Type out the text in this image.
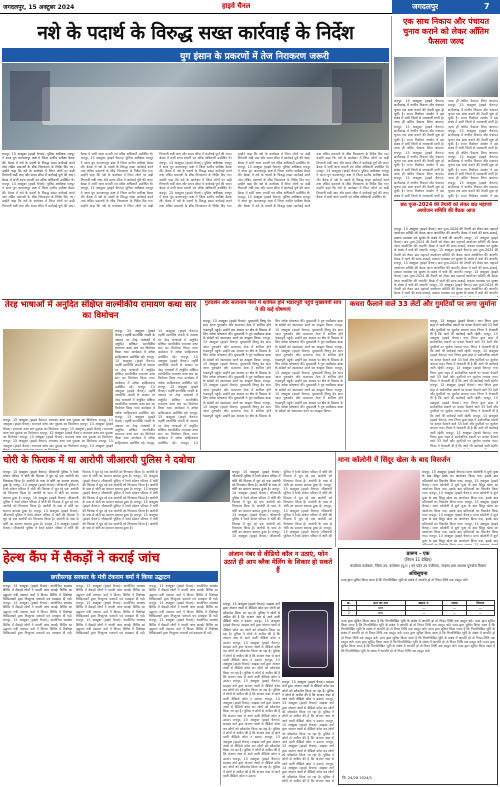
जगदलपुर, 15 अक्टूबर 2024	हाइवे चैनल	जगदलपुर	7
नशे के पदार्थ के विरुद्ध सख्त कार्रवाई के निर्देश
युग इंसान के प्रकरणों में तेज निराकरण जरूरी
रायपुर, 15 अक्टूबर (हाइवे चैनल)। पुलिस अधीक्षक रायपुर ने आज युग कल्याणपुर कक्ष में जिला स्तरीय समीक्षा बैठक ली। बैठक में नशे के पदार्थ के विरुद्ध सख्त कार्रवाई करने तथा लंबित प्रकरणों के शीघ्र निराकरण के निर्देश दिए गए। उन्होंने कहा कि नशे के कारोबार में लिप्त लोगों पर कड़ी निगरानी रखी जाए और समय सीमा में कार्रवाई पूर्ण की जाए। बैठक में सभी थाना प्रभारी एवं वरिष्ठ अधिकारी उपस्थित थे। रायपुर, 15 अक्टूबर (हाइवे चैनल)। पुलिस अधीक्षक रायपुर ने आज युग कल्याणपुर कक्ष में जिला स्तरीय समीक्षा बैठक ली। बैठक में नशे के पदार्थ के विरुद्ध सख्त कार्रवाई करने तथा लंबित प्रकरणों के शीघ्र निराकरण के निर्देश दिए गए। उन्होंने कहा कि नशे के कारोबार में लिप्त लोगों पर कड़ी निगरानी रखी जाए और समय सीमा में कार्रवाई पूर्ण की जाए। बैठक में सभी थाना प्रभारी एवं वरिष्ठ अधिकारी उपस्थित थे। रायपुर, 15 अक्टूबर (हाइवे चैनल)। पुलिस अधीक्षक रायपुर ने आज युग कल्याणपुर कक्ष में जिला स्तरीय समीक्षा बैठक ली। बैठक में नशे के पदार्थ के विरुद्ध सख्त कार्रवाई करने तथा लंबित प्रकरणों के शीघ्र निराकरण के निर्देश दिए गए। उन्होंने कहा कि नशे के कारोबार में लिप्त लोगों पर कड़ी निगरानी रखी जाए और समय सीमा में कार्रवाई पूर्ण की जाए। बैठक में सभी थाना प्रभारी एवं वरिष्ठ अधिकारी उपस्थित थे। रायपुर, 15 अक्टूबर (हाइवे चैनल)। पुलिस अधीक्षक रायपुर ने आज युग कल्याणपुर कक्ष में जिला स्तरीय समीक्षा बैठक ली। बैठक में नशे के पदार्थ के विरुद्ध सख्त कार्रवाई करने तथा लंबित प्रकरणों के शीघ्र निराकरण के निर्देश दिए गए। उन्होंने कहा कि नशे के कारोबार में लिप्त लोगों पर कड़ी निगरानी रखी जाए और समय सीमा में कार्रवाई पूर्ण की जाए। बैठक में सभी थाना प्रभारी एवं वरिष्ठ अधिकारी उपस्थित थे। रायपुर, 15 अक्टूबर (हाइवे चैनल)। पुलिस अधीक्षक रायपुर ने आज युग कल्याणपुर कक्ष में जिला स्तरीय समीक्षा बैठक ली। बैठक में नशे के पदार्थ के विरुद्ध सख्त कार्रवाई करने तथा लंबित प्रकरणों के शीघ्र निराकरण के निर्देश दिए गए। उन्होंने कहा कि नशे के कारोबार में लिप्त लोगों पर कड़ी निगरानी रखी जाए और समय सीमा में कार्रवाई पूर्ण की जाए। बैठक में सभी थाना प्रभारी एवं वरिष्ठ अधिकारी उपस्थित थे। रायपुर, 15 अक्टूबर (हाइवे चैनल)। पुलिस अधीक्षक रायपुर ने आज युग कल्याणपुर कक्ष में जिला स्तरीय समीक्षा बैठक ली। बैठक में नशे के पदार्थ के विरुद्ध सख्त कार्रवाई करने तथा लंबित प्रकरणों के शीघ्र निराकरण के निर्देश दिए गए। उन्होंने कहा कि नशे के कारोबार में लिप्त लोगों पर कड़ी निगरानी रखी जाए और समय सीमा में कार्रवाई पूर्ण की जाए। बैठक में सभी थाना प्रभारी एवं वरिष्ठ अधिकारी उपस्थित थे। रायपुर, 15 अक्टूबर (हाइवे चैनल)। पुलिस अधीक्षक रायपुर ने आज युग कल्याणपुर कक्ष में जिला स्तरीय समीक्षा बैठक ली। बैठक में नशे के पदार्थ के विरुद्ध सख्त कार्रवाई करने तथा लंबित प्रकरणों के शीघ्र निराकरण के निर्देश दिए गए। उन्होंने कहा कि नशे के कारोबार में लिप्त लोगों पर कड़ी निगरानी रखी जाए और समय सीमा में कार्रवाई पूर्ण की जाए। बैठक में सभी थाना प्रभारी एवं वरिष्ठ अधिकारी उपस्थित थे। रायपुर, 15 अक्टूबर (हाइवे चैनल)। पुलिस अधीक्षक रायपुर ने आज युग कल्याणपुर कक्ष में जिला स्तरीय समीक्षा बैठक ली। बैठक में नशे के पदार्थ के विरुद्ध सख्त कार्रवाई करने तथा लंबित प्रकरणों के शीघ्र निराकरण के निर्देश दिए गए। उन्होंने कहा कि नशे के कारोबार में लिप्त लोगों पर कड़ी निगरानी रखी जाए और समय सीमा में कार्रवाई पूर्ण की जाए। बैठक में सभी थाना प्रभारी एवं वरिष्ठ अधिकारी उपस्थित थे। रायपुर, 15 अक्टूबर (हाइवे चैनल)। पुलिस अधीक्षक रायपुर ने आज युग कल्याणपुर कक्ष में जिला स्तरीय समीक्षा बैठक ली। बैठक में नशे के पदार्थ के विरुद्ध सख्त कार्रवाई करने तथा लंबित प्रकरणों के शीघ्र निराकरण के निर्देश दिए गए। उन्होंने कहा कि नशे के कारोबार में लिप्त लोगों पर कड़ी निगरानी रखी जाए और समय सीमा में कार्रवाई पूर्ण की जाए। बैठक में सभी थाना प्रभारी एवं वरिष्ठ अधिकारी उपस्थित थे।
एक साथ निकाय और पंचायत चुनाव कराने को लेकर आँतिम फैसला जल्द
रायपुर, 15 अक्टूबर (हाइवे चैनल)। छत्तीसगढ़ में नगरीय निकाय और पंचायत चुनाव एक साथ कराने की तैयारी शुरू हो चुकी है। राज्य निर्वाचन आयोग ने इस संबंध में सभी जिलों से जानकारी मांगी है। जल्द ही अंतिम फैसला लिया जाएगा। रायपुर, 15 अक्टूबर (हाइवे चैनल)। छत्तीसगढ़ में नगरीय निकाय और पंचायत चुनाव एक साथ कराने की तैयारी शुरू हो चुकी है। राज्य निर्वाचन आयोग ने इस संबंध में सभी जिलों से जानकारी मांगी है। जल्द ही अंतिम फैसला लिया जाएगा। रायपुर, 15 अक्टूबर (हाइवे चैनल)। छत्तीसगढ़ में नगरीय निकाय और पंचायत चुनाव एक साथ कराने की तैयारी शुरू हो चुकी है। राज्य निर्वाचन आयोग ने इस संबंध में सभी जिलों से जानकारी मांगी है। जल्द ही अंतिम फैसला लिया जाएगा। रायपुर, 15 अक्टूबर (हाइवे चैनल)। छत्तीसगढ़ में नगरीय निकाय और पंचायत चुनाव एक साथ कराने की तैयारी शुरू हो चुकी है। राज्य निर्वाचन आयोग ने इस संबंध में सभी जिलों से जानकारी मांगी है। जल्द ही अंतिम फैसला लिया जाएगा। रायपुर, 15 अक्टूबर (हाइवे चैनल)। छत्तीसगढ़ में नगरीय निकाय और पंचायत चुनाव एक साथ कराने की तैयारी शुरू हो चुकी है। राज्य निर्वाचन आयोग ने इस संबंध में सभी जिलों से जानकारी मांगी है। जल्द ही अंतिम फैसला लिया जाएगा। रायपुर, 15 अक्टूबर (हाइवे चैनल)। छत्तीसगढ़ में नगरीय निकाय और पंचायत चुनाव एक साथ कराने की तैयारी शुरू हो चुकी है। राज्य निर्वाचन आयोग ने इस संबंध में सभी जिलों से जानकारी मांगी है। जल्द ही अंतिम फैसला लिया जाएगा। रायपुर, 15 अक्टूबर (हाइवे चैनल)। छत्तीसगढ़ में नगरीय निकाय और पंचायत चुनाव एक साथ कराने की तैयारी शुरू हो चुकी है। राज्य निर्वाचन आयोग ने इस संबंध में सभी जिलों से जानकारी मांगी है। जल्द ही अंतिम फैसला लिया जाएगा। रायपुर, 15 अक्टूबर (हाइवे चैनल)। छत्तीसगढ़ में नगरीय निकाय और पंचायत चुनाव एक साथ कराने की तैयारी शुरू हो चुकी है। राज्य निर्वाचन आयोग ने इस
छठ पूजा-2024 की तैयारी को लेकर छठ महापर्व आयोजन समिति की बैठक आज
रायपुर, 15 अक्टूबर (हाइवे चैनल)। छठ पूजा-2024 की तैयारी को लेकर छठ महापर्व आयोजन समिति की बैठक आज आयोजित की जाएगी। बैठक में घाटों की साफ-सफाई, प्रकाश व्यवस्था एवं सुरक्षा के संबंध में चर्चा की जाएगी। रायपुर, 15 अक्टूबर (हाइवे चैनल)। छठ पूजा-2024 की तैयारी को लेकर छठ महापर्व आयोजन समिति की बैठक आज आयोजित की जाएगी। बैठक में घाटों की साफ-सफाई, प्रकाश व्यवस्था एवं सुरक्षा के संबंध में चर्चा की जाएगी। रायपुर, 15 अक्टूबर (हाइवे चैनल)। छठ पूजा-2024 की तैयारी को लेकर छठ महापर्व आयोजन समिति की बैठक आज आयोजित की जाएगी। बैठक में घाटों की साफ-सफाई, प्रकाश व्यवस्था एवं सुरक्षा के संबंध में चर्चा की जाएगी। रायपुर, 15 अक्टूबर (हाइवे चैनल)। छठ पूजा-2024 की तैयारी को लेकर छठ महापर्व आयोजन समिति की बैठक आज आयोजित की जाएगी। बैठक में घाटों की साफ-सफाई, प्रकाश व्यवस्था एवं सुरक्षा के संबंध में चर्चा की जाएगी। रायपुर, 15 अक्टूबर (हाइवे चैनल)। छठ पूजा-2024 की तैयारी को लेकर छठ महापर्व आयोजन समिति की बैठक आज आयोजित की जाएगी। बैठक में घाटों की साफ-सफाई, प्रकाश व्यवस्था एवं सुरक्षा के संबंध में चर्चा की जाएगी। रायपुर, 15 अक्टूबर (हाइवे चैनल)। छठ पूजा-2024 की तैयारी को लेकर छठ महापर्व आयोजन समिति की बैठक आज आयोजित की जाएगी। बैठक में घाटों की साफ-सफाई, प्रकाश व्यवस्था एवं सुरक्षा के संबंध में चर्चा की जाएगी।
तेरह भाषाओं में अनुदित संक्षिप्त वाल्मीकीय रामायण कथा सार का विमोचन
रायपुर, 15 अक्टूबर (हाइवे चैनल)। महर्षि वाल्मीकि जयंती के अवसर पर तेरह भाषाओं में अनुदित संक्षिप्त वाल्मीकीय रामायण कथा सार का विमोचन किया गया। कार्यक्रम में अनेक साहित्यकार उपस्थित रहे। रायपुर, 15 अक्टूबर (हाइवे चैनल)। महर्षि वाल्मीकि जयंती के अवसर पर तेरह भाषाओं में अनुदित संक्षिप्त वाल्मीकीय रामायण कथा सार का विमोचन किया गया। कार्यक्रम में अनेक साहित्यकार उपस्थित रहे। रायपुर, 15 अक्टूबर (हाइवे चैनल)। महर्षि वाल्मीकि जयंती के अवसर पर तेरह भाषाओं में अनुदित संक्षिप्त वाल्मीकीय रामायण कथा सार का विमोचन किया गया। कार्यक्रम में अनेक साहित्यकार उपस्थित रहे। रायपुर, 15 अक्टूबर (हाइवे चैनल)। महर्षि वाल्मीकि जयंती के अवसर पर तेरह भाषाओं में अनुदित संक्षिप्त वाल्मीकीय रामायण कथा सार का विमोचन किया गया। कार्यक्रम में अनेक साहित्यकार उपस्थित रहे। रायपुर, 15 अक्टूबर (हाइवे चैनल)। महर्षि वाल्मीकि जयंती के अवसर पर तेरह भाषाओं में अनुदित संक्षिप्त वाल्मीकीय रामायण कथा सार का विमोचन किया गया। कार्यक्रम में अनेक साहित्यकार उपस्थित रहे। रायपुर, 15 अक्टूबर (हाइवे चैनल)। महर्षि वाल्मीकि जयंती के अवसर पर तेरह भाषाओं में अनुदित संक्षिप्त वाल्मीकीय रामायण कथा सार का विमोचन किया गया। कार्यक्रम में अनेक साहित्यकार उपस्थित रहे। रायपुर, 15 अक्टूबर (हाइवे चैनल)। महर्षि वाल्मीकि जयंती के अवसर पर तेरह भाषाओं में अनुदित संक्षिप्त वाल्मीकीय रामायण कथा सार का विमोचन किया गया। कार्यक्रम में अनेक साहित्यकार उपस्थित रहे। रायपुर, 15 अक्टूबर (हाइवे चैनल)। महर्षि वाल्मीकि जयंती के अवसर पर तेरह भाषाओं में अनुदित संक्षिप्त वाल्मीकीय रामायण कथा सार का विमोचन किया गया। कार्यक्रम में अनेक साहित्यकार उपस्थित रहे। रायपुर, 15
रायपुर, 15 अक्टूबर (हाइवे चैनल)। रामायण कथा सार पुस्तक का विमोचन। रायपुर, 15 अक्टूबर (हाइवे चैनल)। रामायण कथा सार पुस्तक का विमोचन। रायपुर, 15 अक्टूबर (हाइवे चैनल)। रामायण कथा सार पुस्तक का विमोचन। रायपुर, 15 अक्टूबर (हाइवे चैनल)। रामायण कथा सार पुस्तक का विमोचन। रायपुर, 15 अक्टूबर (हाइवे चैनल)। रामायण कथा सार पुस्तक का विमोचन। रायपुर, 15 अक्टूबर (हाइवे चैनल)। रामायण कथा सार पुस्तक का विमोचन। रायपुर, 15 अक्टूबर (हाइवे चैनल)। रामायण कथा सार पुस्तक का विमोचन। रायपुर, 15 अक्टूबर (हाइवे चैनल)। रामायण कथा सार पुस्तक का विमोचन। रायपुर, 15 अक्टूबर (हाइवे
गुरुदर्शन और सत्यनाम मेला में शामिल होने भंडारपुरी पहुंचे मुख्यमंत्री साय ने की कई घोषणाएं
रायपुर, 15 अक्टूबर (हाइवे चैनल)। मुख्यमंत्री विष्णु देव साय आज गुरुदर्शन और सत्यनाम मेला में शामिल होने भंडारपुरी पहुंचे। उन्होंने इस अवसर पर क्षेत्र के विकास के लिए अनेक घोषणाएं कीं। मुख्यमंत्री ने गुरु घासीदास बाबा के संदेशों को आत्मसात करने का आह्वान किया। रायपुर, 15 अक्टूबर (हाइवे चैनल)। मुख्यमंत्री विष्णु देव साय आज गुरुदर्शन और सत्यनाम मेला में शामिल होने भंडारपुरी पहुंचे। उन्होंने इस अवसर पर क्षेत्र के विकास के लिए अनेक घोषणाएं कीं। मुख्यमंत्री ने गुरु घासीदास बाबा के संदेशों को आत्मसात करने का आह्वान किया। रायपुर, 15 अक्टूबर (हाइवे चैनल)। मुख्यमंत्री विष्णु देव साय आज गुरुदर्शन और सत्यनाम मेला में शामिल होने भंडारपुरी पहुंचे। उन्होंने इस अवसर पर क्षेत्र के विकास के लिए अनेक घोषणाएं कीं। मुख्यमंत्री ने गुरु घासीदास बाबा के संदेशों को आत्मसात करने का आह्वान किया। रायपुर, 15 अक्टूबर (हाइवे चैनल)। मुख्यमंत्री विष्णु देव साय आज गुरुदर्शन और सत्यनाम मेला में शामिल होने भंडारपुरी पहुंचे। उन्होंने इस अवसर पर क्षेत्र के विकास के लिए अनेक घोषणाएं कीं। मुख्यमंत्री ने गुरु घासीदास बाबा के संदेशों को आत्मसात करने का आह्वान किया। रायपुर, 15 अक्टूबर (हाइवे चैनल)। मुख्यमंत्री विष्णु देव साय आज गुरुदर्शन और सत्यनाम मेला में शामिल होने भंडारपुरी पहुंचे। उन्होंने इस अवसर पर क्षेत्र के विकास के लिए अनेक घोषणाएं कीं। मुख्यमंत्री ने गुरु घासीदास बाबा के संदेशों को आत्मसात करने का आह्वान किया। रायपुर, 15 अक्टूबर (हाइवे चैनल)। मुख्यमंत्री विष्णु देव साय आज गुरुदर्शन और सत्यनाम मेला में शामिल होने भंडारपुरी पहुंचे। उन्होंने इस अवसर पर क्षेत्र के विकास के लिए अनेक घोषणाएं कीं। मुख्यमंत्री ने गुरु घासीदास बाबा के संदेशों को आत्मसात करने का आह्वान किया। रायपुर, 15 अक्टूबर (हाइवे चैनल)। मुख्यमंत्री विष्णु देव साय आज गुरुदर्शन और सत्यनाम मेला में शामिल होने भंडारपुरी पहुंचे। उन्होंने इस अवसर पर क्षेत्र के विकास के लिए अनेक घोषणाएं कीं। मुख्यमंत्री ने गुरु घासीदास बाबा के संदेशों को आत्मसात करने का आह्वान किया। रायपुर, 15 अक्टूबर (हाइवे चैनल)। मुख्यमंत्री विष्णु देव साय आज गुरुदर्शन और सत्यनाम मेला में शामिल होने भंडारपुरी पहुंचे। उन्होंने इस अवसर पर क्षेत्र के विकास के लिए अनेक घोषणाएं कीं। मुख्यमंत्री ने गुरु घासीदास बाबा के संदेशों को आत्मसात करने का आह्वान किया। रायपुर, 15 अक्टूबर (हाइवे चैनल)। मुख्यमंत्री विष्णु देव साय आज गुरुदर्शन और सत्यनाम मेला में शामिल होने भंडारपुरी पहुंचे। उन्होंने इस अवसर पर क्षेत्र के विकास के लिए अनेक घोषणाएं कीं। मुख्यमंत्री ने गुरु घासीदास बाबा के संदेशों को आत्मसात करने का आह्वान किया।
कचरा फैलाने वाले 33 लेटों और गुमटियों पर लगा जुर्माना
रायपुर, 15 अक्टूबर (हाइवे चैनल)। नगर निगम द्वारा शहर में सार्वजनिक स्थानों पर कचरा फैलाने वाले 33 ठेलों और गुमटियों पर जुर्माना लगाया गया। निगम ने चेतावनी दी है कि आगे भी कार्रवाई जारी रहेगी। रायपुर, 15 अक्टूबर (हाइवे चैनल)। नगर निगम द्वारा शहर में सार्वजनिक स्थानों पर कचरा फैलाने वाले 33 ठेलों और गुमटियों पर जुर्माना लगाया गया। निगम ने चेतावनी दी है कि आगे भी कार्रवाई जारी रहेगी। रायपुर, 15 अक्टूबर (हाइवे चैनल)। नगर निगम द्वारा शहर में सार्वजनिक स्थानों पर कचरा फैलाने वाले 33 ठेलों और गुमटियों पर जुर्माना लगाया गया। निगम ने चेतावनी दी है कि आगे भी कार्रवाई जारी रहेगी। रायपुर, 15 अक्टूबर (हाइवे चैनल)। नगर निगम द्वारा शहर में सार्वजनिक स्थानों पर कचरा फैलाने वाले 33 ठेलों और गुमटियों पर जुर्माना लगाया गया। निगम ने चेतावनी दी है कि आगे भी कार्रवाई जारी रहेगी। रायपुर, 15 अक्टूबर (हाइवे चैनल)। नगर निगम द्वारा शहर में सार्वजनिक स्थानों पर कचरा फैलाने वाले 33 ठेलों और गुमटियों पर जुर्माना लगाया गया। निगम ने चेतावनी दी है कि आगे भी कार्रवाई जारी रहेगी। रायपुर, 15 अक्टूबर (हाइवे चैनल)। नगर निगम द्वारा शहर में सार्वजनिक स्थानों पर कचरा फैलाने वाले 33 ठेलों और गुमटियों पर जुर्माना लगाया गया। निगम ने चेतावनी दी है कि आगे भी कार्रवाई जारी रहेगी। रायपुर, 15 अक्टूबर (हाइवे चैनल)। नगर निगम द्वारा शहर में सार्वजनिक स्थानों पर कचरा फैलाने वाले 33 ठेलों और गुमटियों पर जुर्माना लगाया गया। निगम ने चेतावनी दी है कि आगे भी कार्रवाई जारी रहेगी। रायपुर, 15 अक्टूबर (हाइवे चैनल)। नगर निगम द्वारा शहर में सार्वजनिक स्थानों पर कचरा फैलाने वाले 33 ठेलों और गुमटियों पर जुर्माना लगाया गया। निगम ने चेतावनी दी है कि आगे भी कार्रवाई जारी रहेगी।
चोरी के फिराक में था आरोपी जीआरपी पुलिस ने दबोचा
रायपुर, 15 अक्टूबर (हाइवे चैनल)। जीआरपी पुलिस ने रेलवे स्टेशन परिसर में चोरी की फिराक में घूम रहे एक आरोपी को गिरफ्तार किया है। आरोपी के पास से चोरी का सामान बरामद हुआ है। रायपुर, 15 अक्टूबर (हाइवे चैनल)। जीआरपी पुलिस ने रेलवे स्टेशन परिसर में चोरी की फिराक में घूम रहे एक आरोपी को गिरफ्तार किया है। आरोपी के पास से चोरी का सामान बरामद हुआ है। रायपुर, 15 अक्टूबर (हाइवे चैनल)। जीआरपी पुलिस ने रेलवे स्टेशन परिसर में चोरी की फिराक में घूम रहे एक आरोपी को गिरफ्तार किया है। आरोपी के पास से चोरी का सामान बरामद हुआ है। रायपुर, 15 अक्टूबर (हाइवे चैनल)। जीआरपी पुलिस ने रेलवे स्टेशन परिसर में चोरी की फिराक में घूम रहे एक आरोपी को गिरफ्तार किया है। आरोपी के पास से चोरी का सामान बरामद हुआ है। रायपुर, 15 अक्टूबर (हाइवे चैनल)। जीआरपी पुलिस ने रेलवे स्टेशन परिसर में चोरी की फिराक में घूम रहे एक आरोपी को गिरफ्तार किया है। आरोपी के पास से चोरी का सामान बरामद हुआ है। रायपुर, 15 अक्टूबर (हाइवे चैनल)। जीआरपी पुलिस ने रेलवे स्टेशन परिसर में चोरी की फिराक में घूम रहे एक आरोपी को गिरफ्तार किया है। आरोपी के पास से चोरी का सामान बरामद हुआ है। रायपुर, 15 अक्टूबर (हाइवे चैनल)। जीआरपी पुलिस ने रेलवे स्टेशन परिसर में चोरी की फिराक में घूम रहे एक आरोपी को गिरफ्तार किया है। आरोपी के पास से चोरी का सामान बरामद हुआ है। रायपुर, 15 अक्टूबर (हाइवे चैनल)। जीआरपी पुलिस ने रेलवे स्टेशन परिसर में चोरी की फिराक में घूम रहे एक आरोपी को गिरफ्तार किया है। आरोपी के पास से चोरी का सामान बरामद हुआ है। रायपुर, 15 अक्टूबर (हाइवे चैनल)। जीआरपी पुलिस ने रेलवे स्टेशन परिसर में चोरी की फिराक में घूम रहे एक आरोपी को गिरफ्तार किया है। आरोपी के पास से चोरी का सामान बरामद हुआ है।
रायपुर, 15 अक्टूबर (हाइवे चैनल)। जीआरपी पुलिस ने रेलवे स्टेशन परिसर में चोरी की फिराक में घूम रहे एक आरोपी को गिरफ्तार किया है। आरोपी के पास से चोरी का सामान बरामद हुआ है। रायपुर, 15 अक्टूबर (हाइवे चैनल)। जीआरपी पुलिस ने रेलवे स्टेशन परिसर में चोरी की फिराक में घूम रहे एक आरोपी को गिरफ्तार किया है। आरोपी के पास से चोरी का सामान बरामद हुआ है। रायपुर, 15 अक्टूबर (हाइवे चैनल)। जीआरपी पुलिस ने रेलवे स्टेशन परिसर में चोरी की फिराक में घूम रहे एक आरोपी को गिरफ्तार किया है। आरोपी के पास से चोरी का सामान बरामद हुआ है। रायपुर, 15 अक्टूबर (हाइवे चैनल)। जीआरपी पुलिस ने रेलवे स्टेशन परिसर में चोरी की फिराक में घूम रहे एक आरोपी को गिरफ्तार किया है। आरोपी के पास से चोरी का सामान बरामद हुआ है। रायपुर, 15 अक्टूबर (हाइवे चैनल)। जीआरपी पुलिस ने रेलवे स्टेशन परिसर में चोरी की फिराक में घूम रहे एक आरोपी को गिरफ्तार किया है। आरोपी के पास से चोरी का सामान बरामद हुआ है। रायपुर, 15 अक्टूबर (हाइवे चैनल)। जीआरपी पुलिस ने रेलवे स्टेशन परिसर में चोरी की फिराक में घूम रहे एक आरोपी को गिरफ्तार किया है। आरोपी के पास से चोरी का सामान बरामद हुआ है। रायपुर, 15 अक्टूबर (हाइवे चैनल)। जीआरपी पुलिस ने रेलवे स्टेशन परिसर में चोरी की
माना कॉलोनी में सिंदूर खेला के बाद विसर्जन
रायपुर, 15 अक्टूबर (हाइवे चैनल)। माना कॉलोनी में दुर्गा पूजा के बाद सिंदूर खेला का आयोजन किया गया, इसके बाद प्रतिमाओं का विसर्जन किया गया। रायपुर, 15 अक्टूबर (हाइवे चैनल)। माना कॉलोनी में दुर्गा पूजा के बाद सिंदूर खेला का आयोजन किया गया, इसके बाद प्रतिमाओं का विसर्जन किया गया। रायपुर, 15 अक्टूबर (हाइवे चैनल)। माना कॉलोनी में दुर्गा पूजा के बाद सिंदूर खेला का आयोजन किया गया, इसके बाद प्रतिमाओं का विसर्जन किया गया। रायपुर, 15 अक्टूबर (हाइवे चैनल)। माना कॉलोनी में दुर्गा पूजा के बाद सिंदूर खेला का आयोजन किया गया, इसके बाद प्रतिमाओं का विसर्जन किया गया। रायपुर, 15 अक्टूबर (हाइवे चैनल)। माना कॉलोनी में दुर्गा पूजा के बाद सिंदूर खेला का आयोजन किया गया, इसके बाद प्रतिमाओं का विसर्जन किया गया। रायपुर, 15 अक्टूबर (हाइवे चैनल)। माना कॉलोनी में दुर्गा पूजा के बाद सिंदूर खेला का आयोजन किया गया, इसके बाद प्रतिमाओं का विसर्जन किया गया। रायपुर, 15 अक्टूबर (हाइवे चैनल)। माना कॉलोनी में दुर्गा पूजा के बाद सिंदूर खेला का आयोजन किया गया, इसके बाद
हेल्थ कैंप में सैकड़ों ने कराई जांच
छत्तीसगढ़ सरकार के मंत्री टंकराम वर्मा ने किया उद्घाटन
रायपुर, 15 अक्टूबर (हाइवे चैनल)। आयोजित स्वास्थ्य शिविर में सैकड़ों लोगों ने अपनी जांच कराई। शिविर का उद्घाटन मंत्री टंकराम वर्मा ने किया। शिविर में विशेषज्ञ चिकित्सकों द्वारा निःशुल्क परामर्श एवं दवाइयां दी गईं। रायपुर, 15 अक्टूबर (हाइवे चैनल)। आयोजित स्वास्थ्य शिविर में सैकड़ों लोगों ने अपनी जांच कराई। शिविर का उद्घाटन मंत्री टंकराम वर्मा ने किया। शिविर में विशेषज्ञ चिकित्सकों द्वारा निःशुल्क परामर्श एवं दवाइयां दी गईं। रायपुर, 15 अक्टूबर (हाइवे चैनल)। आयोजित स्वास्थ्य शिविर में सैकड़ों लोगों ने अपनी जांच कराई। शिविर का उद्घाटन मंत्री टंकराम वर्मा ने किया। शिविर में विशेषज्ञ चिकित्सकों द्वारा निःशुल्क परामर्श एवं दवाइयां दी गईं। रायपुर, 15 अक्टूबर (हाइवे चैनल)। आयोजित स्वास्थ्य शिविर में सैकड़ों लोगों ने अपनी जांच कराई। शिविर का उद्घाटन मंत्री टंकराम वर्मा ने किया। शिविर में विशेषज्ञ चिकित्सकों द्वारा निःशुल्क परामर्श एवं दवाइयां दी गईं। रायपुर, 15 अक्टूबर (हाइवे चैनल)। आयोजित स्वास्थ्य शिविर में सैकड़ों लोगों ने अपनी जांच कराई। शिविर का उद्घाटन मंत्री टंकराम वर्मा ने किया। शिविर में विशेषज्ञ चिकित्सकों द्वारा निःशुल्क परामर्श एवं दवाइयां दी गईं। रायपुर, 15 अक्टूबर (हाइवे चैनल)। आयोजित स्वास्थ्य शिविर में सैकड़ों लोगों ने अपनी जांच कराई। शिविर का उद्घाटन मंत्री टंकराम वर्मा ने किया। शिविर में विशेषज्ञ चिकित्सकों द्वारा निःशुल्क परामर्श एवं दवाइयां दी गईं। रायपुर, 15 अक्टूबर (हाइवे चैनल)। आयोजित स्वास्थ्य शिविर में सैकड़ों लोगों ने अपनी जांच कराई। शिविर का उद्घाटन मंत्री टंकराम वर्मा ने किया। शिविर में विशेषज्ञ चिकित्सकों द्वारा निःशुल्क परामर्श एवं दवाइयां दी गईं। रायपुर, 15 अक्टूबर (हाइवे चैनल)। आयोजित स्वास्थ्य शिविर में सैकड़ों लोगों ने अपनी जांच कराई। शिविर का उद्घाटन मंत्री टंकराम वर्मा ने किया। शिविर में विशेषज्ञ चिकित्सकों द्वारा निःशुल्क परामर्श एवं दवाइयां दी गईं। रायपुर, 15 अक्टूबर (हाइवे चैनल)। आयोजित स्वास्थ्य शिविर में सैकड़ों लोगों ने अपनी जांच कराई। शिविर का उद्घाटन मंत्री टंकराम वर्मा ने किया। शिविर में विशेषज्ञ चिकित्सकों द्वारा निःशुल्क परामर्श एवं दवाइयां दी गईं।
अंजान नंबर से वीडियो कॉल न उठाएं, फोन उठाते ही आप ब्लैक मेलिंग के शिकार हो सकते हैं
रायपुर, 15 अक्टूबर (हाइवे चैनल)। साइबर ठगों द्वारा अंजान नंबरों से वीडियो कॉल कर लोगों को ब्लैकमेल किया जा रहा है। पुलिस ने लोगों से अपील की है कि अंजान नंबर से आने वाली वीडियो कॉल न उठाएं। रायपुर, 15 अक्टूबर (हाइवे चैनल)। साइबर ठगों द्वारा अंजान नंबरों से वीडियो कॉल कर लोगों को ब्लैकमेल किया जा रहा है। पुलिस ने लोगों से अपील की है कि अंजान नंबर से आने वाली वीडियो कॉल न उठाएं। रायपुर, 15 अक्टूबर (हाइवे चैनल)। साइबर ठगों द्वारा अंजान नंबरों से वीडियो कॉल कर लोगों को ब्लैकमेल किया जा रहा है। पुलिस ने लोगों से अपील की है कि अंजान नंबर से आने वाली वीडियो कॉल न उठाएं। रायपुर, 15 अक्टूबर (हाइवे चैनल)। साइबर ठगों द्वारा अंजान नंबरों से वीडियो कॉल कर लोगों को ब्लैकमेल किया जा रहा है। पुलिस ने लोगों से अपील की है कि अंजान नंबर से आने वाली वीडियो कॉल न उठाएं। रायपुर, 15 अक्टूबर (हाइवे चैनल)। साइबर ठगों द्वारा अंजान नंबरों से वीडियो कॉल कर लोगों को ब्लैकमेल किया जा रहा है। पुलिस ने लोगों से अपील की है कि अंजान नंबर से आने वाली वीडियो कॉल न उठाएं। रायपुर, 15 अक्टूबर (हाइवे चैनल)। साइबर ठगों द्वारा अंजान नंबरों से वीडियो कॉल कर लोगों को ब्लैकमेल किया जा रहा है। पुलिस ने लोगों से अपील की है कि अंजान नंबर से आने वाली वीडियो कॉल न उठाएं। रायपुर, 15 अक्टूबर (हाइवे चैनल)। साइबर ठगों द्वारा अंजान नंबरों से वीडियो कॉल कर लोगों को ब्लैकमेल किया जा रहा है। पुलिस ने लोगों से अपील की है कि अंजान नंबर से आने वाली वीडियो कॉल न उठाएं। रायपुर, 15 अक्टूबर (हाइवे चैनल)। साइबर ठगों द्वारा अंजान नंबरों से वीडियो कॉल कर लोगों को ब्लैकमेल किया जा रहा है। पुलिस ने लोगों से अपील की है कि अंजान नंबर से आने वाली वीडियो कॉल न उठाएं। रायपुर, 15 अक्टूबर (हाइवे चैनल)। साइबर ठगों द्वारा अंजान नंबरों से वीडियो कॉल कर लोगों को ब्लैकमेल किया जा रहा है। पुलिस ने लोगों से अपील की है कि अंजान नंबर से आने वाली वीडियो कॉल न उठाएं।
रायपुर, 15 अक्टूबर (हाइवे चैनल)। साइबर ठगों द्वारा अंजान नंबरों से वीडियो कॉल कर लोगों को ब्लैकमेल किया जा रहा है। पुलिस ने लोगों से अपील की है कि अंजान नंबर से आने वाली वीडियो कॉल न उठाएं। रायपुर, 15 अक्टूबर (हाइवे चैनल)। साइबर ठगों द्वारा अंजान नंबरों से वीडियो कॉल कर लोगों को ब्लैकमेल किया जा रहा है। पुलिस ने लोगों से अपील की है कि अंजान नंबर से आने वाली वीडियो कॉल न उठाएं। रायपुर, 15 अक्टूबर (हाइवे चैनल)। साइबर ठगों द्वारा अंजान नंबरों से वीडियो कॉल कर लोगों को ब्लैकमेल किया जा रहा है। पुलिस ने लोगों से अपील की है कि अंजान नंबर से आने वाली वीडियो कॉल न उठाएं। रायपुर, 15 अक्टूबर (हाइवे चैनल)। साइबर ठगों द्वारा अंजान नंबरों से वीडियो कॉल कर लोगों को ब्लैकमेल किया जा रहा है। पुलिस ने लोगों से अपील की है कि अंजान नंबर से आने वाली वीडियो कॉल न उठाएं। रायपुर, 15 अक्टूबर (हाइवे चैनल)। साइबर ठगों द्वारा अंजान नंबरों से वीडियो कॉल कर लोगों को ब्लैकमेल किया जा रहा है। पुलिस ने लोगों से अपील की है कि अंजान नंबर से
प्रारूप - एक
(नियम 11 देखिए)
कार्यालय कलेक्टर, जिला उप. कलेक्टर (दु.प.) एवं पदेन उप पंजीयक, राजस्व ग्राम आवास पुनर्वास विभाग
अधिसूचना
एतद द्वारा सूचित किया जाता है कि निम्नलिखित भूमि के संबंध में आपत्ति हो तो नियत तिथि तक प्रस्तुत करें।
क्र.	ग्राम का नाम	खसरा नं.	रकबा	विवरण
1	ग्राम	—	—	—
2	ग्राम	—	—	—
एतद द्वारा सूचित किया जाता है कि निम्नलिखित भूमि के संबंध में आपत्ति हो तो नियत तिथि तक प्रस्तुत करें। एतद द्वारा सूचित किया जाता है कि निम्नलिखित भूमि के संबंध में आपत्ति हो तो नियत तिथि तक प्रस्तुत करें। एतद द्वारा सूचित किया जाता है कि निम्नलिखित भूमि के संबंध में आपत्ति हो तो नियत तिथि तक प्रस्तुत करें। एतद द्वारा सूचित किया जाता है कि निम्नलिखित भूमि के संबंध में आपत्ति हो तो नियत तिथि तक प्रस्तुत करें। एतद द्वारा सूचित किया जाता है कि निम्नलिखित भूमि के संबंध में आपत्ति हो तो नियत तिथि तक प्रस्तुत करें। एतद द्वारा सूचित किया जाता है कि निम्नलिखित भूमि के संबंध में आपत्ति हो तो नियत तिथि तक प्रस्तुत करें। एतद द्वारा सूचित किया जाता है कि निम्नलिखित भूमि के संबंध में आपत्ति हो तो नियत तिथि तक प्रस्तुत करें। एतद द्वारा सूचित किया जाता है कि निम्नलिखित भूमि के संबंध में आपत्ति हो तो नियत तिथि तक प्रस्तुत करें। एतद द्वारा सूचित किया जाता है कि निम्नलिखित भूमि के संबंध में आपत्ति हो तो नियत तिथि तक प्रस्तुत करें।
जि. 24/28 2024/1
